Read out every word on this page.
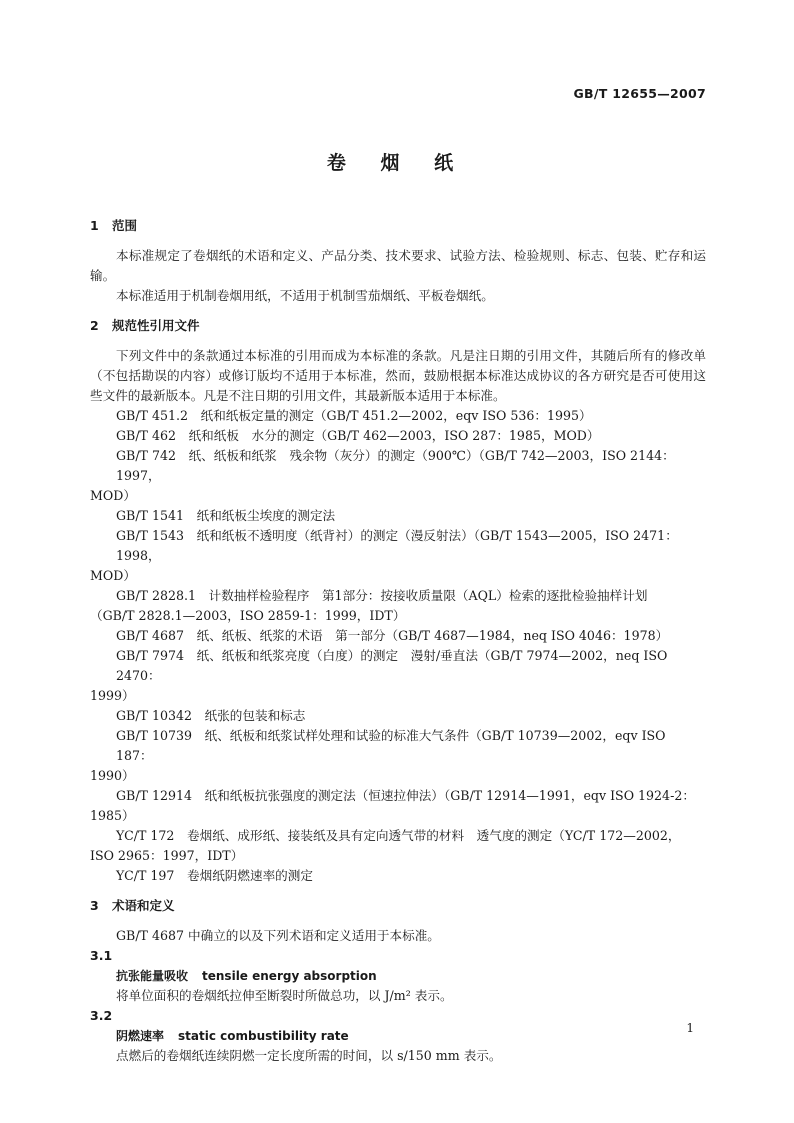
GB/T 12655—2007
卷 烟 纸
1 范围

本标准规定了卷烟纸的术语和定义、产品分类、技术要求、试验方法、检验规则、标志、包装、贮存和运输。

本标准适用于机制卷烟用纸，不适用于机制雪茄烟纸、平板卷烟纸。

2 规范性引用文件

下列文件中的条款通过本标准的引用而成为本标准的条款。凡是注日期的引用文件，其随后所有的修改单（不包括勘误的内容）或修订版均不适用于本标准，然而，鼓励根据本标准达成协议的各方研究是否可使用这些文件的最新版本。凡是不注日期的引用文件，其最新版本适用于本标准。

GB/T 451.2　纸和纸板定量的测定（GB/T 451.2—2002，eqv ISO 536：1995）
GB/T 462　纸和纸板　水分的测定（GB/T 462—2003，ISO 287：1985，MOD）
GB/T 742　纸、纸板和纸浆　残余物（灰分）的测定（900℃）（GB/T 742—2003，ISO 2144：1997，
MOD）
GB/T 1541　纸和纸板尘埃度的测定法
GB/T 1543　纸和纸板不透明度（纸背衬）的测定（漫反射法）（GB/T 1543—2005，ISO 2471：1998，
MOD）
GB/T 2828.1　计数抽样检验程序　第1部分：按接收质量限（AQL）检索的逐批检验抽样计划
（GB/T 2828.1—2003，ISO 2859-1：1999，IDT）
GB/T 4687　纸、纸板、纸浆的术语　第一部分（GB/T 4687—1984，neq ISO 4046：1978）
GB/T 7974　纸、纸板和纸浆亮度（白度）的测定　漫射/垂直法（GB/T 7974—2002，neq ISO 2470：
1999）
GB/T 10342　纸张的包装和标志
GB/T 10739　纸、纸板和纸浆试样处理和试验的标准大气条件（GB/T 10739—2002，eqv ISO 187：
1990）
GB/T 12914　纸和纸板抗张强度的测定法（恒速拉伸法）（GB/T 12914—1991，eqv ISO 1924-2：
1985）
YC/T 172　卷烟纸、成形纸、接装纸及具有定向透气带的材料　透气度的测定（YC/T 172—2002，
ISO 2965：1997，IDT）
YC/T 197　卷烟纸阴燃速率的测定
3 术语和定义

GB/T 4687 中确立的以及下列术语和定义适用于本标准。

3.1

抗张能量吸收 tensile energy absorption

将单位面积的卷烟纸拉伸至断裂时所做总功，以 J/m² 表示。

3.2

阴燃速率 static combustibility rate

点燃后的卷烟纸连续阴燃一定长度所需的时间，以 s/150 mm 表示。

1
